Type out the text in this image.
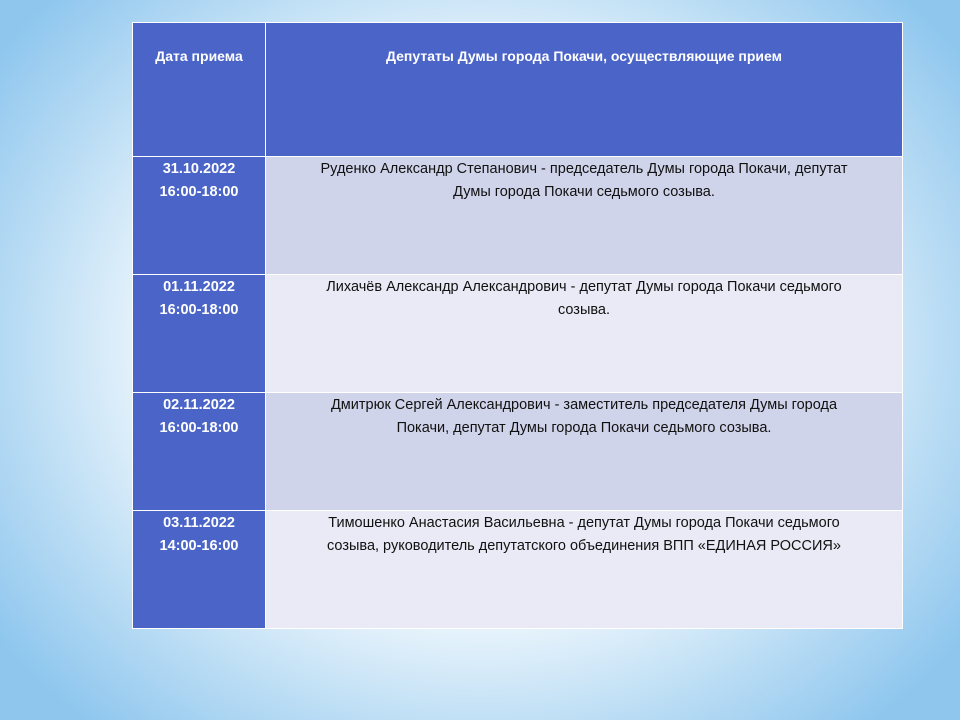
Дата приема	Депутаты Думы города Покачи, осуществляющие прием

31.10.2022
16:00-18:00	Руденко Александр Степанович - председатель Думы города Покачи, депутат
Думы города Покачи седьмого созыва.

01.11.2022
16:00-18:00	Лихачёв Александр Александрович - депутат Думы города Покачи седьмого
созыва.

02.11.2022
16:00-18:00	Дмитрюк Сергей Александрович - заместитель председателя Думы города
Покачи, депутат Думы города Покачи седьмого созыва.

03.11.2022
14:00-16:00	Тимошенко Анастасия Васильевна - депутат Думы города Покачи седьмого
созыва, руководитель депутатского объединения ВПП «ЕДИНАЯ РОССИЯ»
